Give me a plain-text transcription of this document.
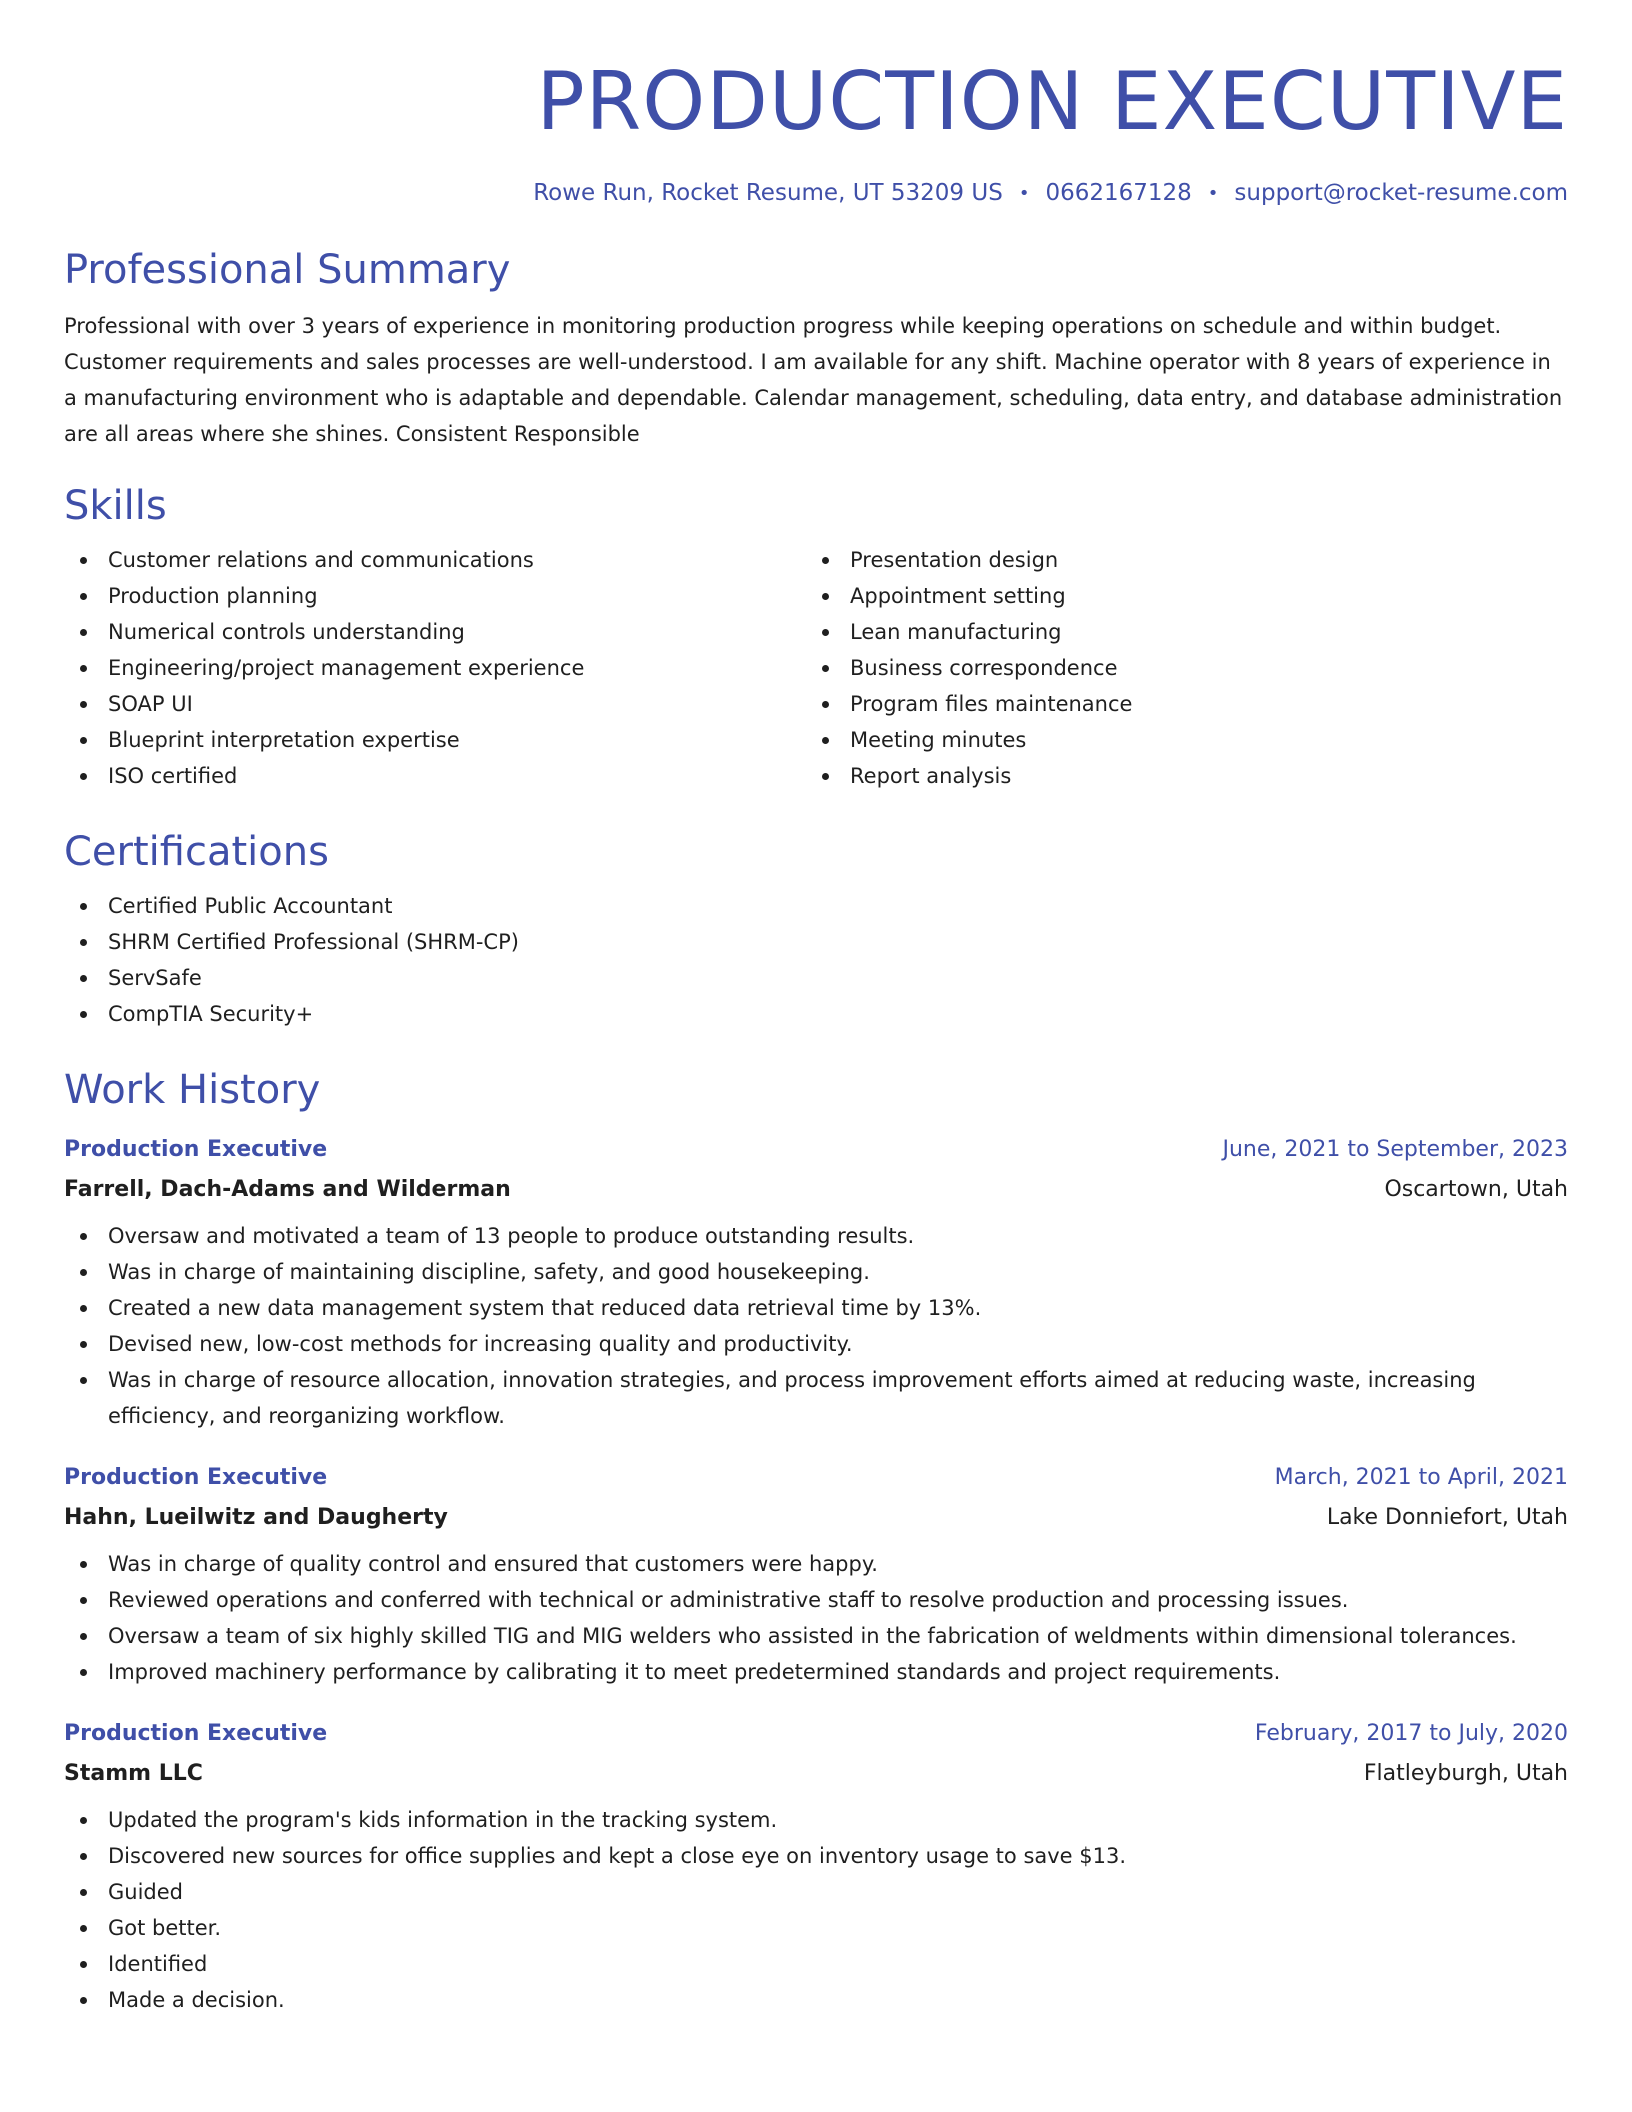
PRODUCTION EXECUTIVE
Rowe Run, Rocket Resume, UT 53209 US • 0662167128 • support@rocket-resume.com
Professional Summary

Professional with over 3 years of experience in monitoring production progress while keeping operations on schedule and within budget. Customer requirements and sales processes are well-understood. I am available for any shift. Machine operator with 8 years of experience in a manufacturing environment who is adaptable and dependable. Calendar management, scheduling, data entry, and database administration are all areas where she shines. Consistent Responsible

Skills
Customer relations and communications
Production planning
Numerical controls understanding
Engineering/project management experience
SOAP UI
Blueprint interpretation expertise
ISO certified
Presentation design
Appointment setting
Lean manufacturing
Business correspondence
Program files maintenance
Meeting minutes
Report analysis
Certifications
Certified Public Accountant
SHRM Certified Professional (SHRM-CP)
ServSafe
CompTIA Security+
Work History
Production Executive	June, 2021 to September, 2023
Farrell, Dach-Adams and Wilderman	Oscartown, Utah
Oversaw and motivated a team of 13 people to produce outstanding results.
Was in charge of maintaining discipline, safety, and good housekeeping.
Created a new data management system that reduced data retrieval time by 13%.
Devised new, low-cost methods for increasing quality and productivity.
Was in charge of resource allocation, innovation strategies, and process improvement efforts aimed at reducing waste, increasing efficiency, and reorganizing workflow.
Production Executive	March, 2021 to April, 2021
Hahn, Lueilwitz and Daugherty	Lake Donniefort, Utah
Was in charge of quality control and ensured that customers were happy.
Reviewed operations and conferred with technical or administrative staff to resolve production and processing issues.
Oversaw a team of six highly skilled TIG and MIG welders who assisted in the fabrication of weldments within dimensional tolerances.
Improved machinery performance by calibrating it to meet predetermined standards and project requirements.
Production Executive	February, 2017 to July, 2020
Stamm LLC	Flatleyburgh, Utah
Updated the program's kids information in the tracking system.
Discovered new sources for office supplies and kept a close eye on inventory usage to save $13.
Guided
Got better.
Identified
Made a decision.
